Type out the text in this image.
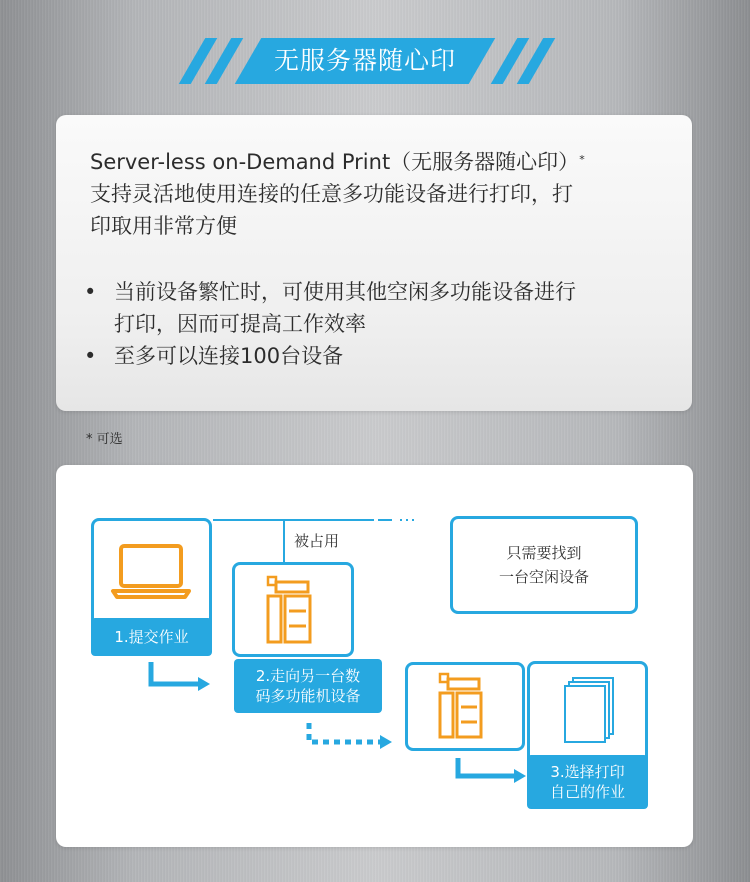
无服务器随心印
Server-less on-Demand Print（无服务器随心印）*
支持灵活地使用连接的任意多功能设备进行打印，打
印取用非常方便
• 当前设备繁忙时，可使用其他空闲多功能设备进行
打印，因而可提高工作效率
• 至多可以连接100台设备
* 可选
1.提交作业
被占用
2.走向另一台数
码多功能机设备
只需要找到
一台空闲设备
3.选择打印
自己的作业
